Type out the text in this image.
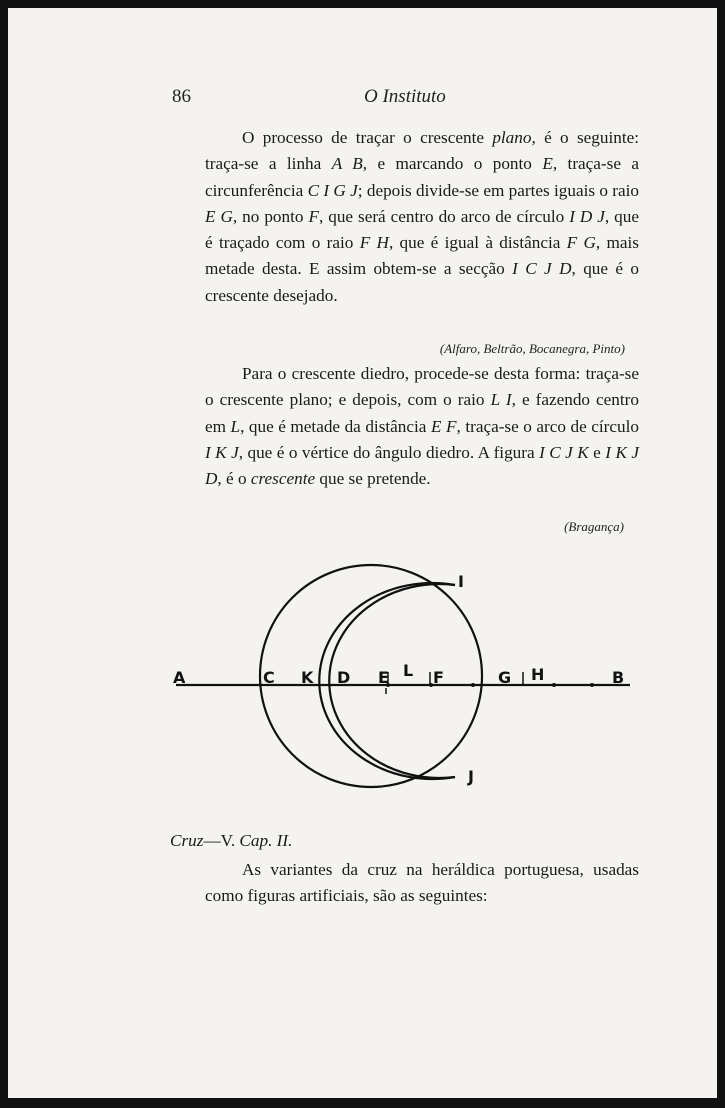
86	O Instituto

O processo de traçar o crescente plano, é o seguinte: traça-se a linha A B, e marcando o ponto E, traça-se a circunferência C I G J; depois divide-se em partes iguais o raio E G, no ponto F, que será centro do arco de círculo I D J, que é traçado com o raio F H, que é igual à distância F G, mais metade desta. E assim obtem-se a secção I C J D, que é o crescente desejado.

(Alfaro, Beltrão, Bocanegra, Pinto)

Para o crescente diedro, procede-se desta forma: traça-se o crescente plano; e depois, com o raio L I, e fazendo centro em L, que é metade da distância E F, traça-se o arco de círculo I K J, que é o vértice do ângulo diedro. A figura I C J K e I K J D, é o crescente que se pretende.

(Bragança)
A	C K D E L F	G H	B
I
J
Cruz—V. Cap. II.

As variantes da cruz na heráldica portuguesa, usadas como figuras artificiais, são as seguintes:
